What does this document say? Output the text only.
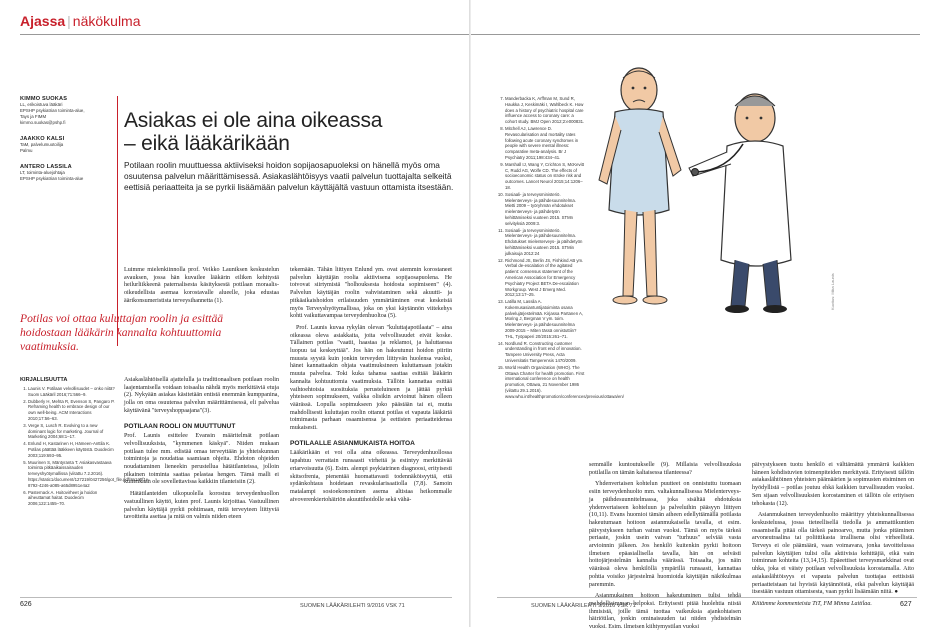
Ajassa | näkökulma
KIMMO SUOKAS
LL, erikoistuva lääkäri
EPSHP psykiatrian toiminta-alue,
Tays ja FIMM
kimmo.suokas@pshp.fi
JAAKKO KALSI
TaM, palvelumuotoilija
Palmu
ANTERO LASSILA
LT, toiminta-aluejohtaja
EPSHP psykiatrian toiminta-alue
Asiakas ei ole aina oikeassa
– eikä lääkärikään
Potilaan roolin muuttuessa aktiiviseksi hoidon sopijaosapuoleksi on hänellä myös oma osuutensa palvelun määrittämisessä. Asiakaslähtöisyys vaatii palvelun tuottajalta selkeitä eettisiä periaatteita ja se pyrkii lisäämään palvelun käyttäjältä vastuun ottamista itsestään.

Luimme mielenkiinnolla prof. Veikko Launiksen keskustelun avauksen, jossa hän kuvailee lääkärin eiliken kehitystä heilurliikkeenä paternalisesta käsityksestä potilaan moraalis-oikeudellista asemaa korostavalle alueelle, joka edustaa äärikonsumeristista terveysihannetta (1).

Potilas voi ottaa kuluttajan roolin ja esittää hoidostaan lääkärin kannalta kohtuuttomia vaatimuksia.

Asiakaslähtöisellä ajattelulla ja traditionaalisen potilaan roolin laajentamisella voidaan toisaalta nähdä myös merkittäviä etuja (2). Nykyään asiakas käsitetään entistä enemmän kumppanina, jolla on oma osuutensa palvelun määrittämisessä, eli palvelua käyttävänä "terveyshoppaajana"(3).

POTILAAN ROOLI ON MUUTTUNUT

Prof. Launis esittelee Evansin määritelmät potilaan velvollisuuksista, "kymmenen käskyä". Niiden mukaan potilaan tulee mm. edistää omaa terveyttään ja yhteiskunnan toimintoja ja noudattaa saamiaan ohjeita. Ehdoton ohjeiden noudattaminen lieneekin perustellua hätätilanteissa, jolloin pikainen toiminta saattaa pelastaa hengen. Tämä malli ei kuitenkaan ole sovellettavissa kaikkiin tilanteisiin (2).

Hätätilanteiden ulkopuolella korostuu terveydenhuollon vastuullinen käyttö, kuten prof. Launis kirjoittaa. Vastuullinen palvelun käyttäjä pyrkii pohtimaan, mitä terveyteen liittyviä tavoitteita asettaa ja mitä on valmis niiden eteen

tekemään. Tähän liittyen Enlund ym. ovat aiemmin korostaneet palvelun käyttäjän roolia aktiivisena sopijaosapuolena. He toivovat siirtymistä "holhouksesta hoidosta sopimiseen" (4). Palvelun käyttäjän roolin vahvistaminen sekä akuutti- ja pitkäaikaishoidon erilaisuuden ymmärtäminen ovat keskeisiä myös Terveyshyötymallissa, joka on yksi käytännön viitekehys kohti vaikuttavampaa terveydenhuoltoa (5).

Prof. Launis kuvaa rykylän olevan "kuluttajapotilaata" – aina oikeassa oleva asiakkaita, joita velvollisuudet eivät koske. Tällainen potilas "vaatii, haastaa ja reklamoi, ja haluttaessa luopuu tai keskeyttää". Jos hän on hakeutunut hoidon piiriin muusta syystä kuin jonkin terveyden liittyvän huolensa vuoksi, hänet kannattaakin ohjata vaatimuksineen kuluttamaan jotakin muuta palvelua. Toki kuka tahansa saattaa esittää lääkärin kannalta kohtuuttomia vaatimuksia. Tällöin kannattaa esittää vaihtoehtoisia suosituksia perusteluineen ja jättää pyrkiä yhteiseen sopimukseen, vaikka olisikin arvioinut hänen olleen väärässä. Lopulla sopimukseen joko päästään tai ei, mutta mahdollisesti kuluttajan roolin ottanut potilas ei vapauta lääkäriä toimimasta parhaan osaamisensa ja eettisten periaatteidensa mukaisesti.

POTILAALLE ASIANMUKAISTA HOITOA

Lääkärikään ei voi olla aina oikeassa. Terveydenhuollossa tapahtuu verrattain runsaasti virheitä ja esiintyy merkittävää eriarvoisuutta (6). Esim. alempi psykiatrinen diagnoosi, erityisesti skitsofrenia, pienentää huomattavasti todennäköisyyttä, että sydänkohtaus hoidetaan revaskularisaatiolla (7,8). Samoin matalampi sosioekonominen asema altistaa heikommalle aivoverenkiertohäiriön akuuttihoidolle sekä vähä-

KIRJALLISUUTTA
1. Launis V. Potilaan velvollisuudet – onko niitä? Suom Lääkäril 2016;71:566–9.
2. Dubberly H, Mehta R, Evenson S, Pangaro P. Reframing health to embrace design of our own well-being. ACM Interactions 2010;17:56–63.
3. Verge S, Lusch R. Evolving to a new dominant logic for marketing. Journal of Marketing 2004;68:1–17.
4. Enlund H, Kastarinen H, Hämeen-Anttila K. Potilas päättää lääkkeen käytöstä. Duodecim 2003;119:693–95.
5. Muurinen S, Mäntyranta T. Asiakasvastaava toiminta pitkäaikaissairauden terveyshyötymallissa (viitattu 7.2.2016). https://static1/document/127219/0427256/got_file.pdf/2a1a0f1e-8792-4246-a085-a65d8951e4a2
6. Pasternack A. Hoitovirheet ja hoidon aiheuttamat haitat. Duodecim 2006;122:1455–70.
626	SUOMEN LÄÄKÄRILEHTI 9/2016 VSK 71
7. Manderbacka K, Arffman M, Sund R, Haukka J, Keskimäki I, Wahlbeck K. How does a history of psychiatric hospital care influence access to coronary care: a cohort study. BMJ Open 2012;2:e000831.
8. Mitchell AJ, Lawrence D. Revascularisation and mortality rates following acute coronary syndromes in people with severe mental illness: comparative meta-analysis. Br J Psychiatry 2011;198:434–41.
9. Marshall IJ, Wang Y, Crichton S, McKevitt C, Rudd AG, Wolfe CD. The effects of socioeconomic status on stroke risk and outcomes. Lancet Neurol 2015;14:1206–18.
10. Sosiaali- ja terveysministeriö. Mielenterveys- ja päihdesuunnitelma. Mietti 2009 – työryhmän ehdotukset mielenterveys- ja päihdetyön kehittämiseksi vuoteen 2015. STMn selvityksiä 2009:3.
11. Sosiaali- ja terveysministeriö. Mielenterveys- ja päihdesuunnitelma. Ehdotukset mielenterveys- ja päihdetyön kehittämiseksi vuoteen 2015. STMin julkaisuja 2012:24
12. Richmond JS, Berlin JS, Fishkind AB ym. Verbal de-escalation of the agitated patient: consensus statement of the American Association for Emergency Psychiatry Project BETA De-escalation Workgroup. West J Emerg Med. 2012;13:17–25.
13. Latilla M, Lassila A. Kokemusasiantuntijatoiminta osana palvelujärjestelmää. Kirjassa Partanen A, Moring J, Bergman V ym. toim. Mielenterveys- ja päihdesuunnitelma 2009-2015 – Miten tässä onnistuttiin? THL, Työpaperi 20/2015:261–71.
14. Nordlund R. Constructing customer understanding in front end of innovation. Tampere University Press, Acta Universitatis Tamperensis 1470/2009.
15. World Health Organization (WHO). The Ottawa Charter for health promotion. First international conference on health promotion, Ottawa, 21 November 1986 (viitattu 29.1.2016). www.who.int/healthpromotion/conferences/previous/ottawa/en/

semmälle kuntoutukselle (9). Millaisia velvollisuuksia potilailla on tämän kaltaisessa tilanteessa?

Yhdenvertaisen kohtelun puutteet on onnistuttu tuomaan esiin terveydenhuolto mm. valtakunnallisessa Mielenterveys- ja päihdesuunnitelmassa, joka sisältää ehdotuksia yhdenvertaiseen kohteluun ja palveluihin pääsyyn liittyen (10,11). Evans huomioi tämän aiheen edellyttämällä potilasta hakeutumaan hoitoon asianmukaisella tavalla, ei esim. päivystykseen turhan vairan vuoksi. Tämä on myös tärkeä periaate, joskin usein vaivan "turhuus" selviää vasta arvioinnin jälkeen. Jos henkilö kuitenkin pyrkii hoitoon ilmeisen epäasiallisella tavalla, hän on selvästi hoitojärjestelmän kannalta väärässä. Toisaalta, jos näin väärässä oleva henkilöllä ympärillä runsaasti, kannattaa pohtia voisiko järjestelmä huomioida käyttäjän näkökulmaa paremmin.

Asianmukainen hoitoon hakeutuminen tulisi tehdä mahdollisimman helpoksi. Erityisesti pitää huolehtia niistä ihmisistä, joille tämä tuottaa vaikeuksia ajankohtaisen häiriötilan, jonkin ominaisuuden tai niiden yhdistelmän vuoksi. Esim. ilmeisen kiihtymystilan vuoksi

päivystykseen tuotu henkilö ei välttämättä ymmärrä kaikkien häneen kohdistuvien toimenpiteiden merkitystä. Erityisesti tällöin asiakaslähtöinen yhteisten päämäärien ja sopimusten etsiminen on hyödyllistä – potilas joutuu ehkä kaikkien turvallisuuden vuoksi. Sen sijaan velvollisuuksien korostaminen ei tällöin ole erityisen tehokasta (12).

Asianmukainen terveydenhuolto määrittyy yhteiskunnallisessa keskustelussa, jossa tieteellisellä tiedolla ja ammattikuntien osaamisella pitää olla tärkeä painoarvo, mutta jonka pitäminen arvoneutraalina tai poliittikasta irrallisena olisi virheellistä. Terveys ei ole päämäärä, vaan voimavara, jonka tavoittelussa palvelun käyttäjien tulisi olla aktiivisia kehittäjiä, eikä vain toiminnan kohteita (13,14,15). Epäeettiset terveysmarkkinat ovat uhka, joka ei väisty potilaan velvollisuuksia korostamalla. Aito asiakaslähtöisyys ei vapauta palvelun tuottajaa eettisistä periaatteistaan tai hyvistä käytännöistä, eikä palvelun käyttäjää itsestään vastuun ottamisesta, vaan pyrkii lisäämään niitä. ●

Kiitämme kommenteista TtT, FM Minna Laitilaa.

SUOMEN LÄÄKÄRILEHTI 9/2016 VSK 71	627
Kuvitus: Mika Launis
